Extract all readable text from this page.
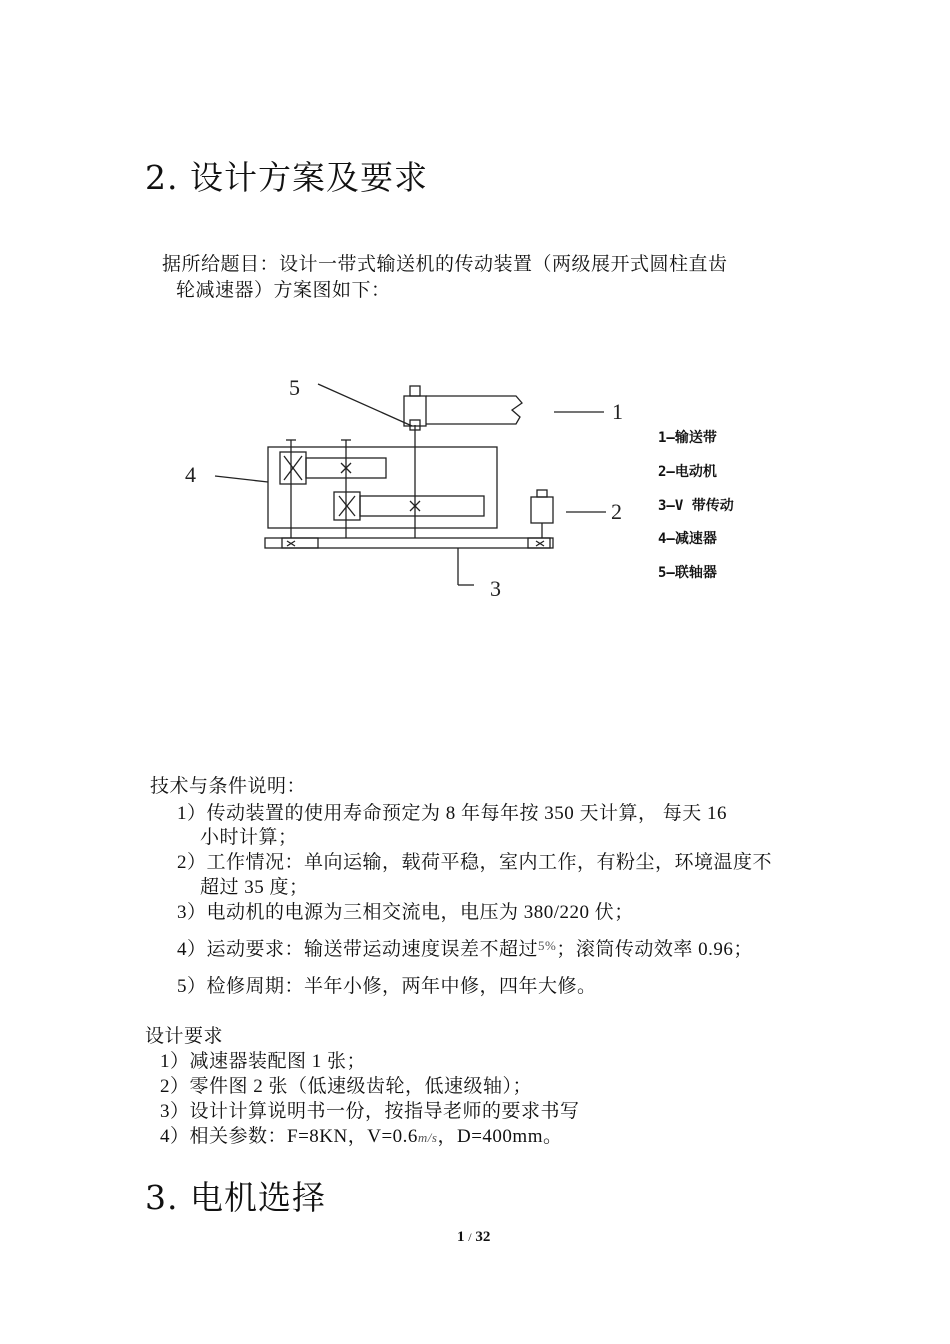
2. 设计方案及要求
据所给题目：设计一带式输送机的传动装置（两级展开式圆柱直齿
轮减速器）方案图如下：
5
1
4
2
3
1—输送带
2—电动机
3—V 带传动
4—减速器
5—联轴器
技术与条件说明：
1）传动装置的使用寿命预定为 8 年每年按 350 天计算， 每天 16
小时计算；
2）工作情况：单向运输，载荷平稳，室内工作，有粉尘，环境温度不
超过 35 度；
3）电动机的电源为三相交流电，电压为 380/220 伏；
4）运动要求：输送带运动速度误差不超过$^{5\%}$；滚筒传动效率 0.96；
5）检修周期：半年小修，两年中修，四年大修。
设计要求
1）减速器装配图 1 张；
2）零件图 2 张（低速级齿轮，低速级轴）；
3）设计计算说明书一份，按指导老师的要求书写
4）相关参数：F=8KN，V=0.6m/s，D=400mm。
3. 电机选择
1 / 32
